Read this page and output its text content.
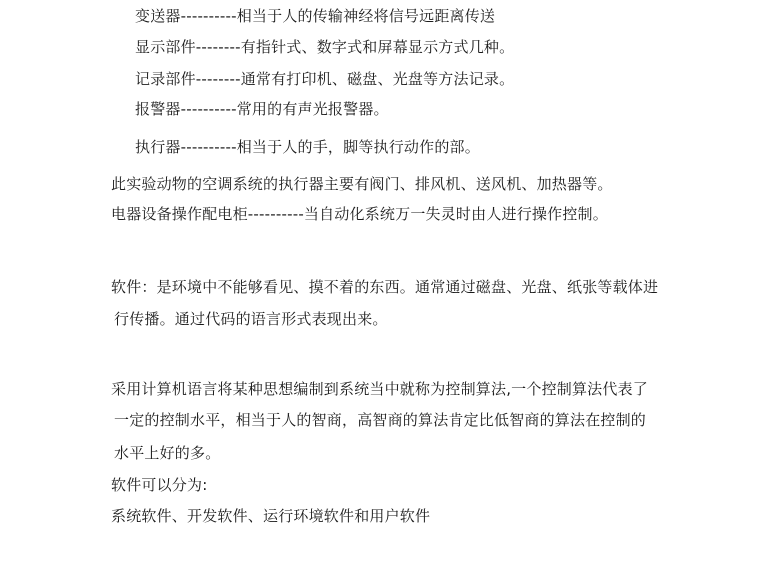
变送器----------相当于人的传输神经将信号远距离传送
显示部件--------有指针式、数字式和屏幕显示方式几种。
记录部件--------通常有打印机、磁盘、光盘等方法记录。
报警器----------常用的有声光报警器。
执行器----------相当于人的手，脚等执行动作的部。
此实验动物的空调系统的执行器主要有阀门、排风机、送风机、加热器等。
电器设备操作配电柜----------当自动化系统万一失灵时由人进行操作控制。
软件：是环境中不能够看见、摸不着的东西。通常通过磁盘、光盘、纸张等载体进
行传播。通过代码的语言形式表现出来。
采用计算机语言将某种思想编制到系统当中就称为控制算法,一个控制算法代表了
一定的控制水平，相当于人的智商，高智商的算法肯定比低智商的算法在控制的
水平上好的多。
软件可以分为:
系统软件、开发软件、运行环境软件和用户软件
